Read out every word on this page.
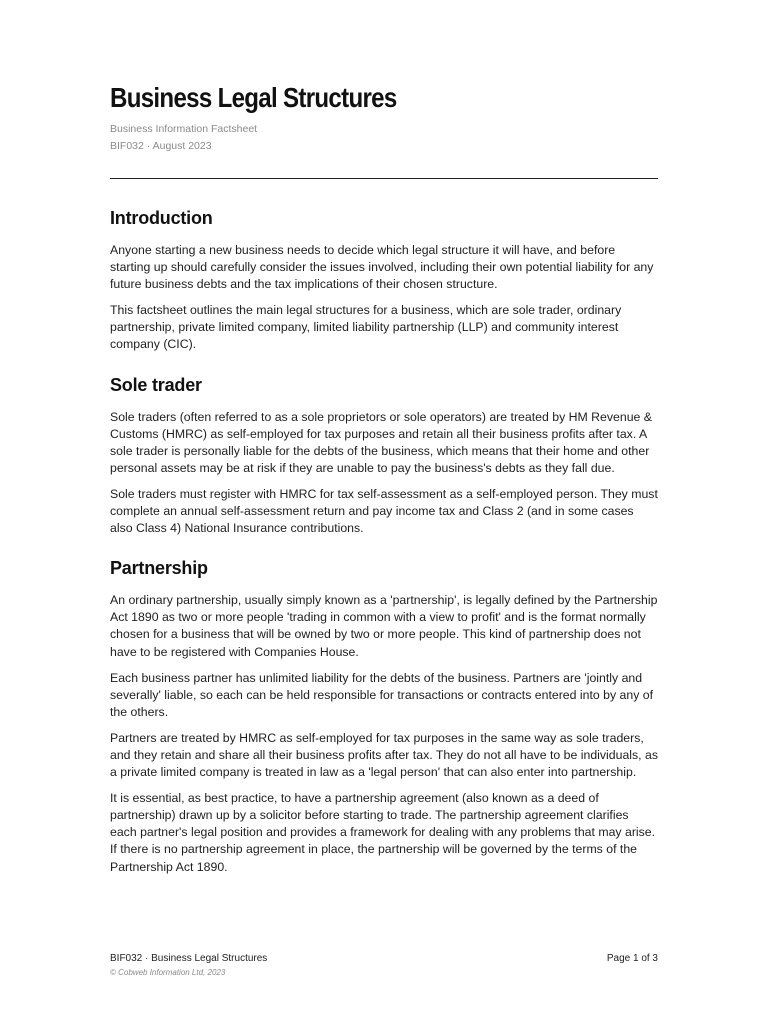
Business Legal Structures
Business Information Factsheet
BIF032 · August 2023
Introduction

Anyone starting a new business needs to decide which legal structure it will have, and before starting up should carefully consider the issues involved, including their own potential liability for any future business debts and the tax implications of their chosen structure.

This factsheet outlines the main legal structures for a business, which are sole trader, ordinary partnership, private limited company, limited liability partnership (LLP) and community interest company (CIC).

Sole trader

Sole traders (often referred to as a sole proprietors or sole operators) are treated by HM Revenue & Customs (HMRC) as self-employed for tax purposes and retain all their business profits after tax. A sole trader is personally liable for the debts of the business, which means that their home and other personal assets may be at risk if they are unable to pay the business's debts as they fall due.

Sole traders must register with HMRC for tax self-assessment as a self-employed person. They must complete an annual self-assessment return and pay income tax and Class 2 (and in some cases also Class 4) National Insurance contributions.

Partnership

An ordinary partnership, usually simply known as a 'partnership', is legally defined by the Partnership Act 1890 as two or more people 'trading in common with a view to profit' and is the format normally chosen for a business that will be owned by two or more people. This kind of partnership does not have to be registered with Companies House.

Each business partner has unlimited liability for the debts of the business. Partners are 'jointly and severally' liable, so each can be held responsible for transactions or contracts entered into by any of the others.

Partners are treated by HMRC as self-employed for tax purposes in the same way as sole traders, and they retain and share all their business profits after tax. They do not all have to be individuals, as a private limited company is treated in law as a 'legal person' that can also enter into partnership.

It is essential, as best practice, to have a partnership agreement (also known as a deed of partnership) drawn up by a solicitor before starting to trade. The partnership agreement clarifies each partner's legal position and provides a framework for dealing with any problems that may arise. If there is no partnership agreement in place, the partnership will be governed by the terms of the Partnership Act 1890.

BIF032 · Business Legal Structures
© Cobweb Information Ltd, 2023
Page 1 of 3
